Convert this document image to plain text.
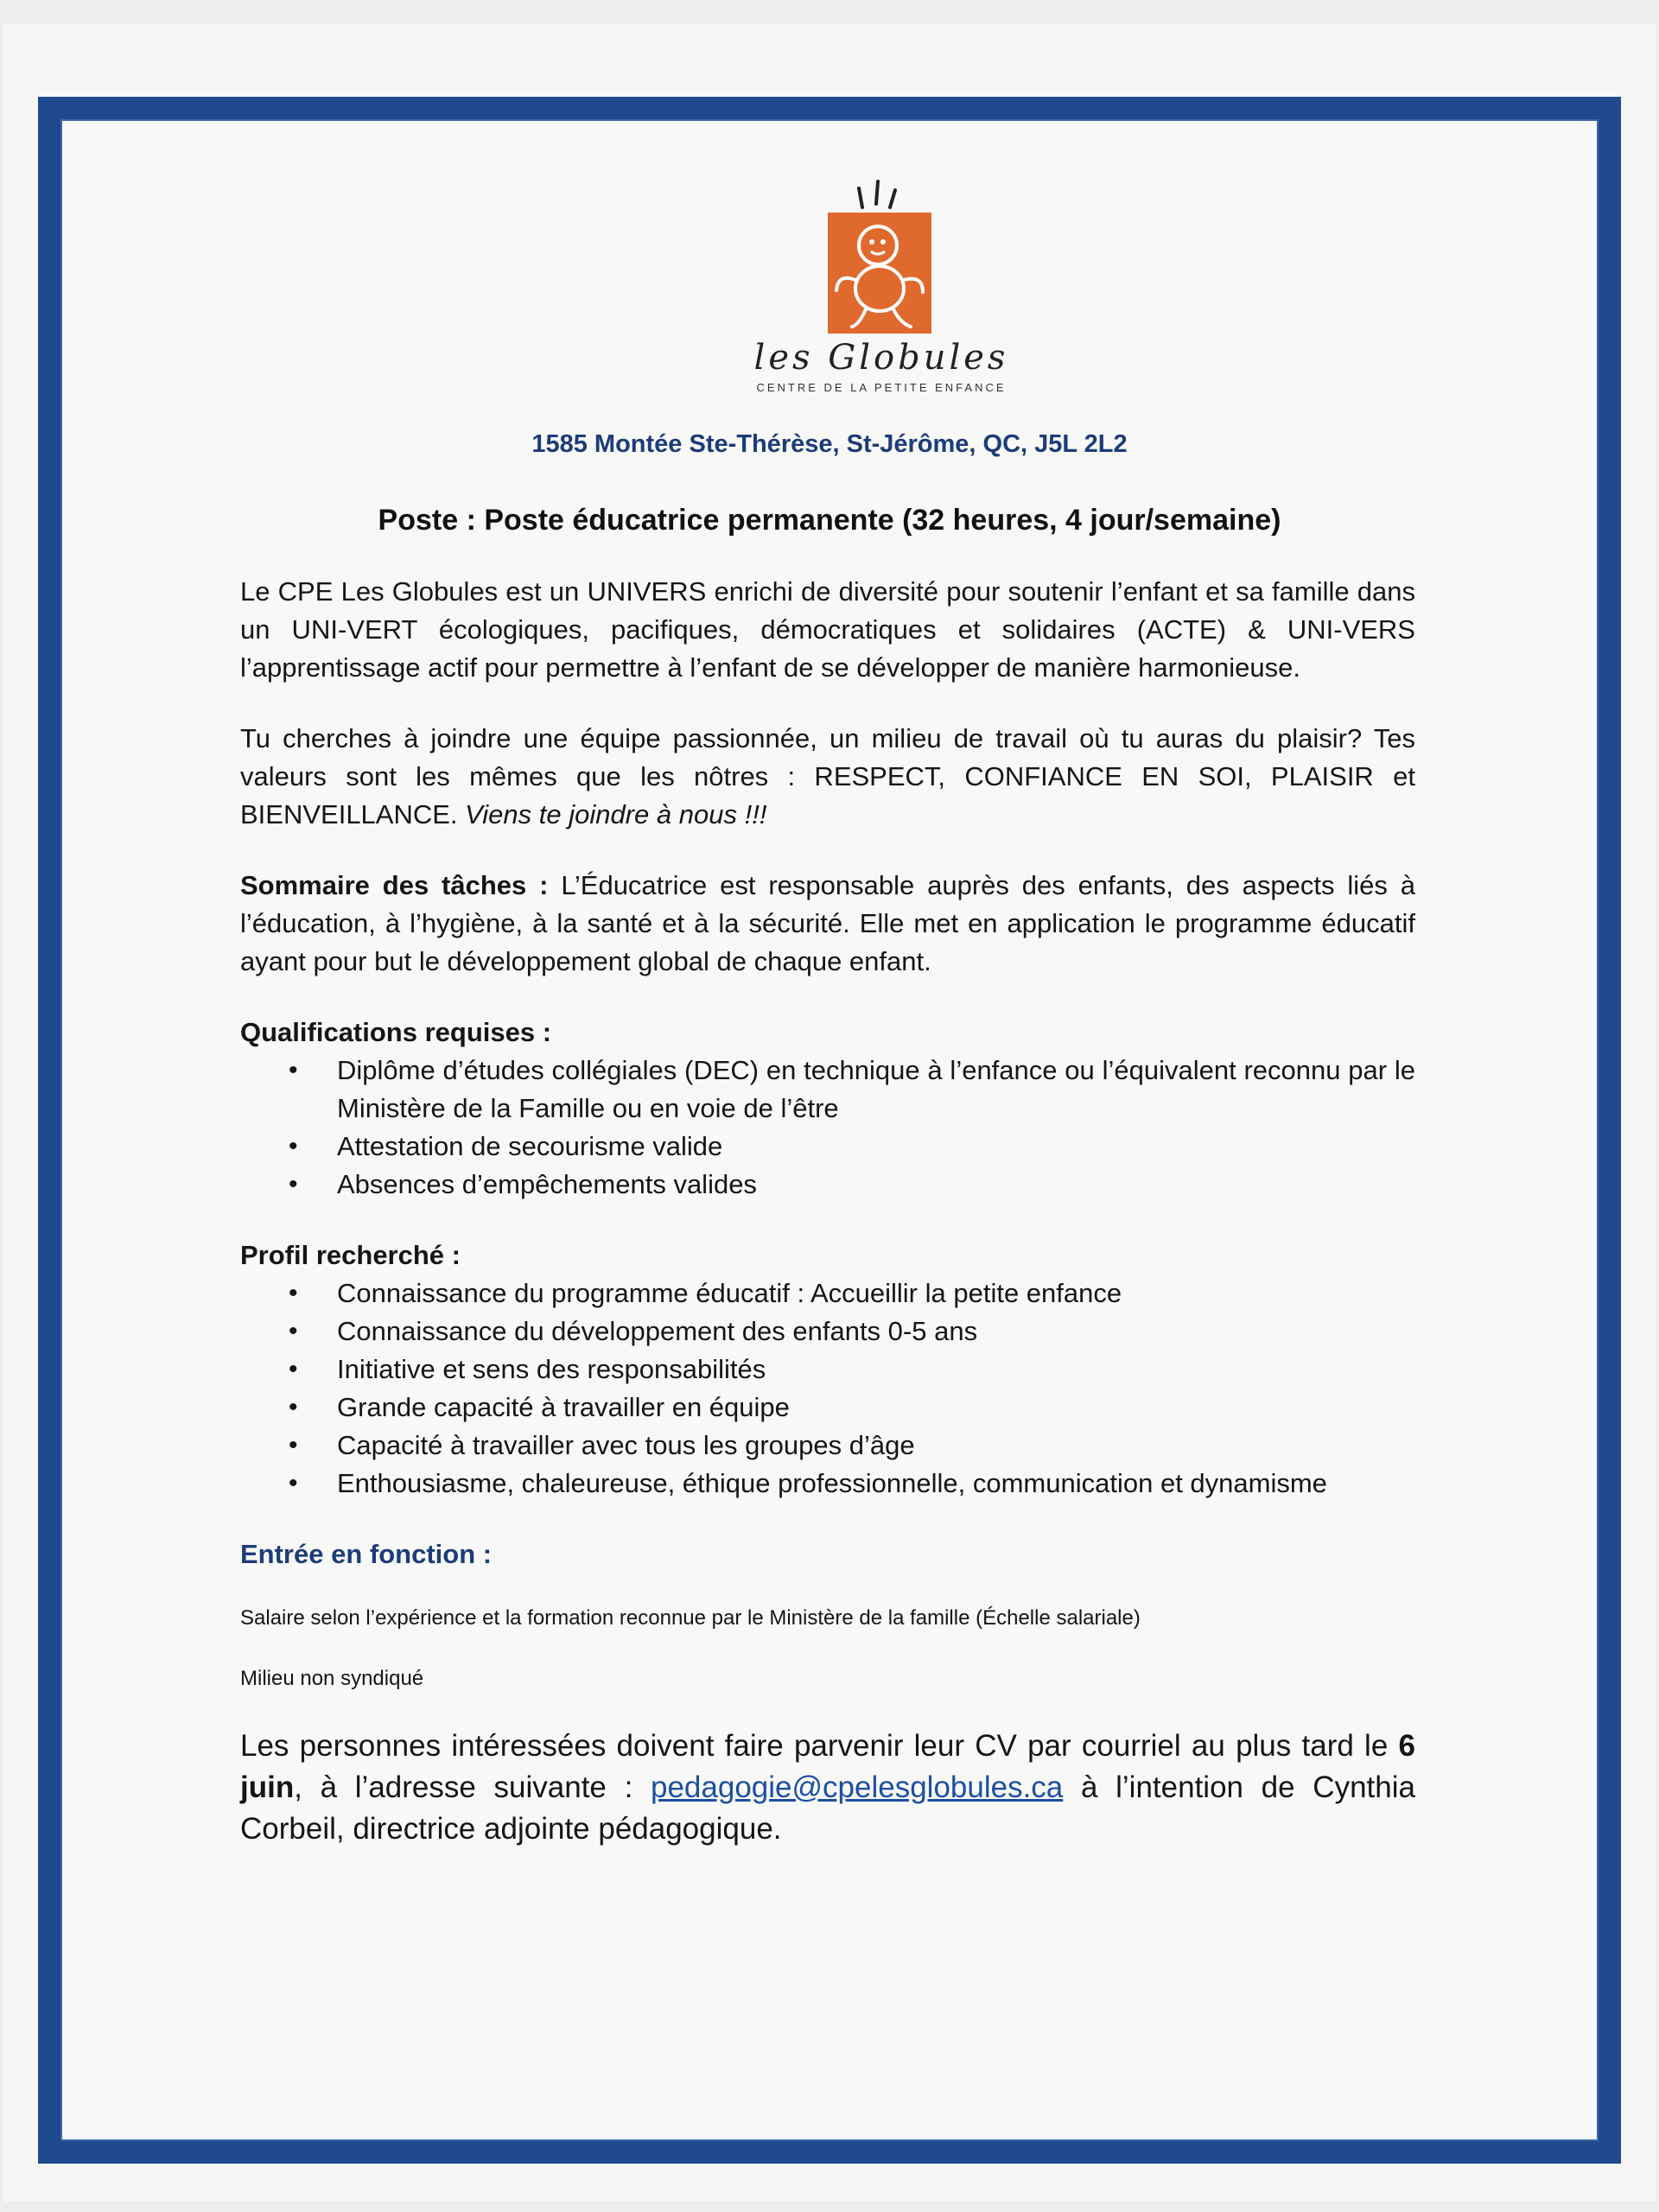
les Globules
CENTRE DE LA PETITE ENFANCE
1585 Montée Ste-Thérèse, St-Jérôme, QC, J5L 2L2
Poste : Poste éducatrice permanente (32 heures, 4 jour/semaine)

Le CPE Les Globules est un UNIVERS enrichi de diversité pour soutenir l’enfant et sa famille dans un UNI-VERT écologiques, pacifiques, démocratiques et solidaires (ACTE) & UNI-VERS l’apprentissage actif pour permettre à l’enfant de se développer de manière harmonieuse.

Tu cherches à joindre une équipe passionnée, un milieu de travail où tu auras du plaisir? Tes valeurs sont les mêmes que les nôtres : RESPECT, CONFIANCE EN SOI, PLAISIR et BIENVEILLANCE. Viens te joindre à nous !!!

Sommaire des tâches : L’Éducatrice est responsable auprès des enfants, des aspects liés à l’éducation, à l’hygiène, à la santé et à la sécurité. Elle met en application le programme éducatif ayant pour but le développement global de chaque enfant.

Qualifications requises :
• Diplôme d’études collégiales (DEC) en technique à l’enfance ou l’équivalent reconnu par le Ministère de la Famille ou en voie de l’être
• Attestation de secourisme valide
• Absences d’empêchements valides
Profil recherché :
• Connaissance du programme éducatif : Accueillir la petite enfance
• Connaissance du développement des enfants 0-5 ans
• Initiative et sens des responsabilités
• Grande capacité à travailler en équipe
• Capacité à travailler avec tous les groupes d’âge
• Enthousiasme, chaleureuse, éthique professionnelle, communication et dynamisme
Entrée en fonction :

Salaire selon l’expérience et la formation reconnue par le Ministère de la famille (Échelle salariale)

Milieu non syndiqué

Les personnes intéressées doivent faire parvenir leur CV par courriel au plus tard le 6 juin, à l’adresse suivante : pedagogie@cpelesglobules.ca à l’intention de Cynthia Corbeil, directrice adjointe pédagogique.
